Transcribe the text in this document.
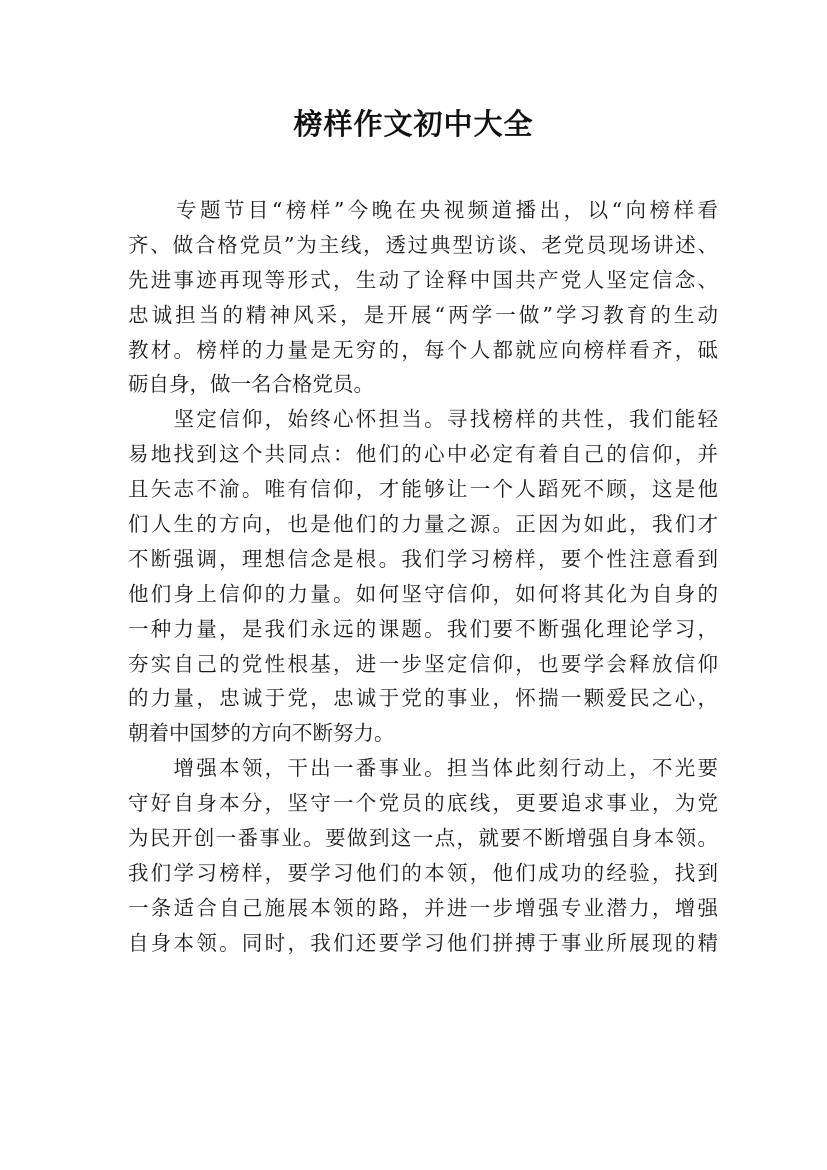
榜样作文初中大全
　　专题节目“榜样”今晚在央视频道播出，以“向榜样看
齐、做合格党员”为主线，透过典型访谈、老党员现场讲述、
先进事迹再现等形式，生动了诠释中国共产党人坚定信念、
忠诚担当的精神风采，是开展“两学一做”学习教育的生动
教材。榜样的力量是无穷的，每个人都就应向榜样看齐，砥
砺自身，做一名合格党员。
　　坚定信仰，始终心怀担当。寻找榜样的共性，我们能轻
易地找到这个共同点：他们的心中必定有着自己的信仰，并
且矢志不渝。唯有信仰，才能够让一个人蹈死不顾，这是他
们人生的方向，也是他们的力量之源。正因为如此，我们才
不断强调，理想信念是根。我们学习榜样，要个性注意看到
他们身上信仰的力量。如何坚守信仰，如何将其化为自身的
一种力量，是我们永远的课题。我们要不断强化理论学习，
夯实自己的党性根基，进一步坚定信仰，也要学会释放信仰
的力量，忠诚于党，忠诚于党的事业，怀揣一颗爱民之心，
朝着中国梦的方向不断努力。
　　增强本领，干出一番事业。担当体此刻行动上，不光要
守好自身本分，坚守一个党员的底线，更要追求事业，为党
为民开创一番事业。要做到这一点，就要不断增强自身本领。
我们学习榜样，要学习他们的本领，他们成功的经验，找到
一条适合自己施展本领的路，并进一步增强专业潜力，增强
自身本领。同时，我们还要学习他们拼搏于事业所展现的精
